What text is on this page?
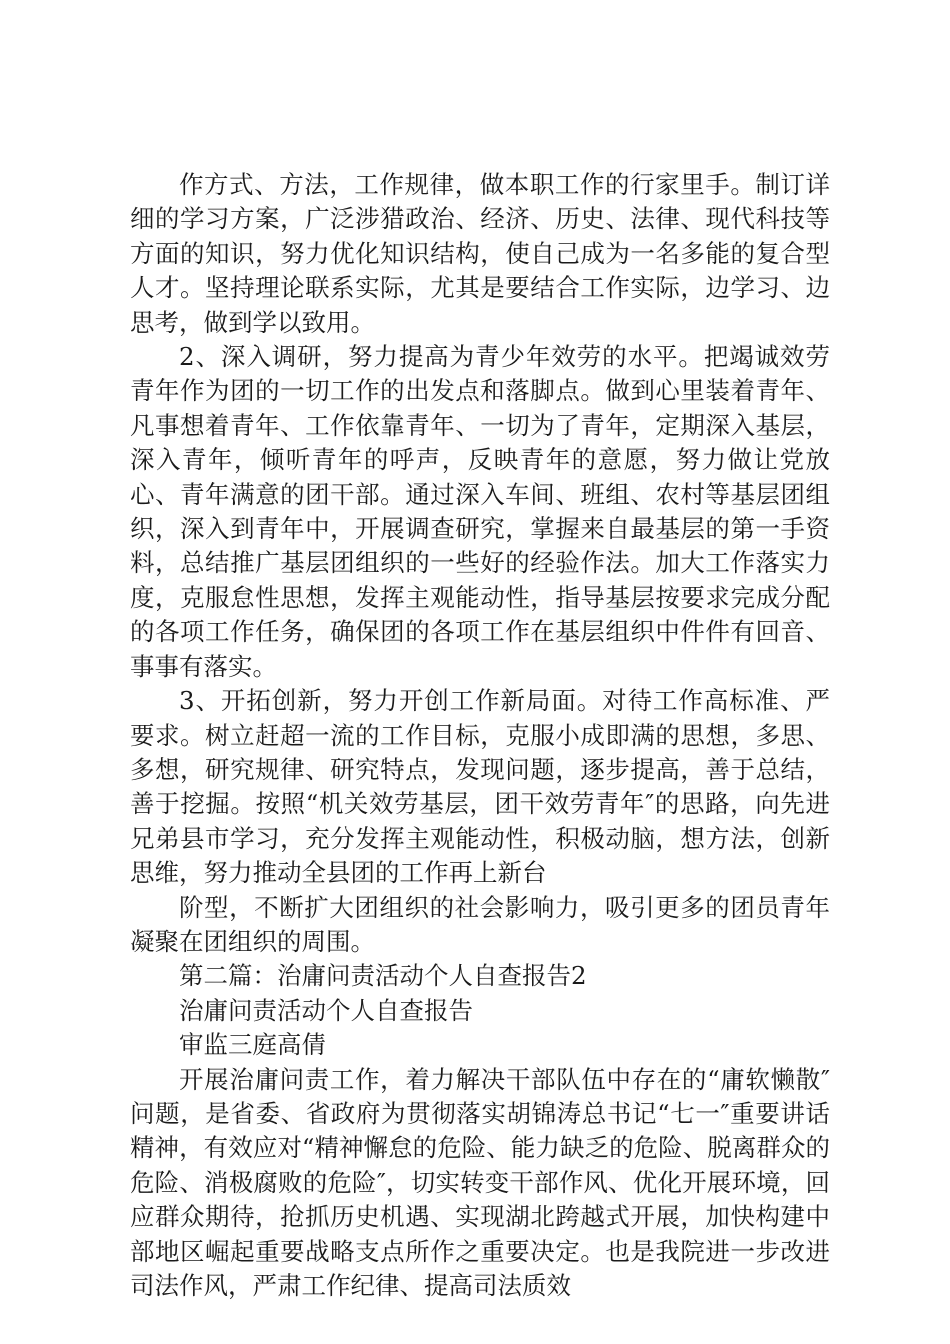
作方式、方法，工作规律，做本职工作的行家里手。制订详细的学习方案，广泛涉猎政治、经济、历史、法律、现代科技等方面的知识，努力优化知识结构，使自己成为一名多能的复合型人才。坚持理论联系实际，尤其是要结合工作实际，边学习、边思考，做到学以致用。

2、深入调研，努力提高为青少年效劳的水平。把竭诚效劳青年作为团的一切工作的出发点和落脚点。做到心里装着青年、凡事想着青年、工作依靠青年、一切为了青年，定期深入基层，深入青年，倾听青年的呼声，反映青年的意愿，努力做让党放心、青年满意的团干部。通过深入车间、班组、农村等基层团组织，深入到青年中，开展调查研究，掌握来自最基层的第一手资料，总结推广基层团组织的一些好的经验作法。加大工作落实力度，克服怠性思想，发挥主观能动性，指导基层按要求完成分配的各项工作任务，确保团的各项工作在基层组织中件件有回音、事事有落实。

3、开拓创新，努力开创工作新局面。对待工作高标准、严要求。树立赶超一流的工作目标，克服小成即满的思想，多思、多想，研究规律、研究特点，发现问题，逐步提高，善于总结，善于挖掘。按照“机关效劳基层，团干效劳青年″的思路，向先进兄弟县市学习，充分发挥主观能动性，积极动脑，想方法，创新思维，努力推动全县团的工作再上新台

阶型，不断扩大团组织的社会影响力，吸引更多的团员青年凝聚在团组织的周围。

第二篇：治庸问责活动个人自查报告2

治庸问责活动个人自查报告

审监三庭高倩

开展治庸问责工作，着力解决干部队伍中存在的“庸软懒散″问题，是省委、省政府为贯彻落实胡锦涛总书记“七一″重要讲话精神，有效应对“精神懈怠的危险、能力缺乏的危险、脱离群众的危险、消极腐败的危险″，切实转变干部作风、优化开展环境，回应群众期待，抢抓历史机遇、实现湖北跨越式开展，加快构建中部地区崛起重要战略支点所作之重要决定。也是我院进一步改进司法作风，严肃工作纪律、提高司法质效
